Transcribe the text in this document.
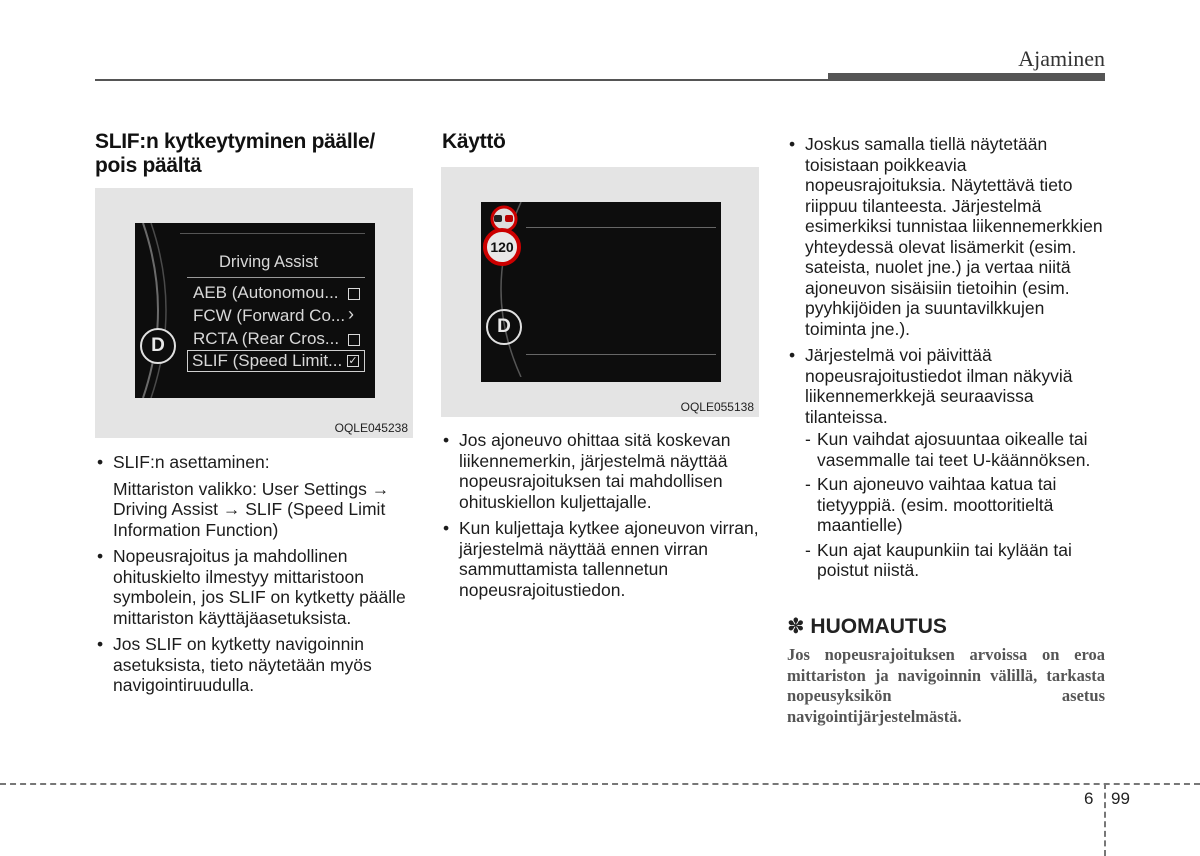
Ajaminen
SLIF:n kytkeytyminen päälle/
pois päältä
D
Driving Assist
AEB (Autonomou...
FCW (Forward Co... ›
RCTA (Rear Cros...
SLIF (Speed Limit... ✓
OQLE045238
• SLIF:n asettaminen:

Mittariston valikko: User Settings → Driving Assist → SLIF (Speed Limit Information Function)

• Nopeusrajoitus ja mahdollinen ohituskielto ilmestyy mittaristoon symbolein, jos SLIF on kytketty päälle mittariston käyttäjäasetuksista.
• Jos SLIF on kytketty navigoinnin asetuksista, tieto näytetään myös navigointiruudulla.
Käyttö
120
D
OQLE055138
• Jos ajoneuvo ohittaa sitä koskevan liikennemerkin, järjestelmä näyttää nopeusrajoituksen tai mahdollisen ohituskiellon kuljettajalle.
• Kun kuljettaja kytkee ajoneuvon virran, järjestelmä näyttää ennen virran sammuttamista tallennetun nopeusrajoitustiedon.
• Joskus samalla tiellä näytetään toisistaan poikkeavia nopeusrajoituksia. Näytettävä tieto riippuu tilanteesta. Järjestelmä esimerkiksi tunnistaa liikennemerkkien yhteydessä olevat lisämerkit (esim. sateista, nuolet jne.) ja vertaa niitä ajoneuvon sisäisiin tietoihin (esim. pyyhkijöiden ja suuntavilkkujen toiminta jne.).
• Järjestelmä voi päivittää nopeusrajoitustiedot ilman näkyviä liikennemerkkejä seuraavissa tilanteissa.
- Kun vaihdat ajosuuntaa oikealle tai vasemmalle tai teet U-käännöksen.
- Kun ajoneuvo vaihtaa katua tai tietyyppiä. (esim. moottoritieltä maantielle)
- Kun ajat kaupunkiin tai kylään tai poistut niistä.
✽ HUOMAUTUS
Jos nopeusrajoituksen arvoissa on eroa mittariston ja navigoinnin välillä, tarkasta nopeusyksikön asetus navigointijärjestelmästä.
6 99
